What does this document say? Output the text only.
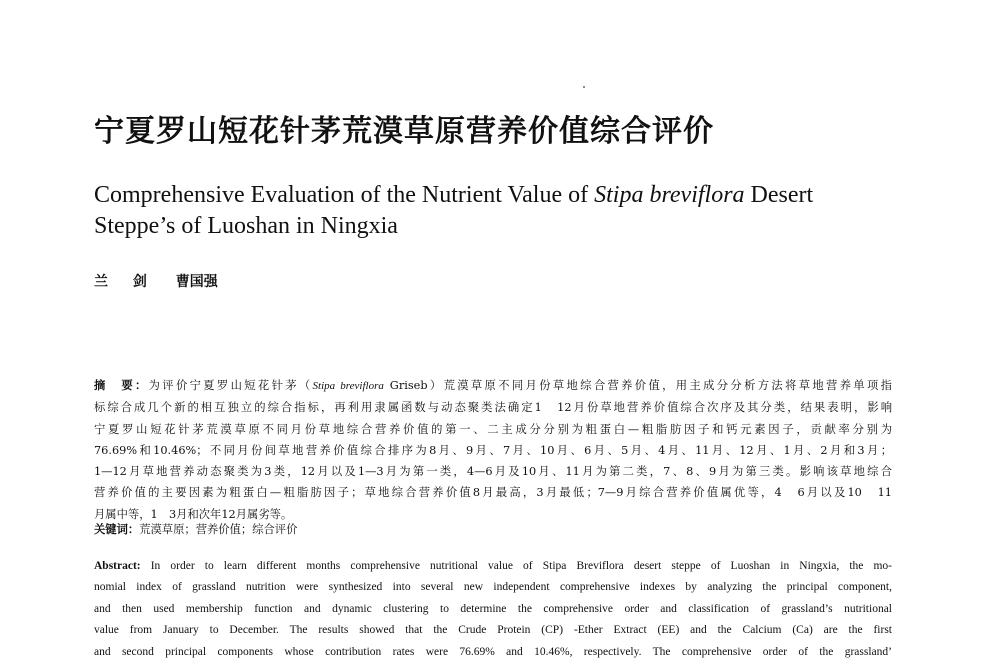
宁夏罗山短花针茅荒漠草原营养价值综合评价
Comprehensive Evaluation of the Nutrient Value of Stipa breviflora Desert
Steppe’s of Luoshan in Ningxia
兰 剑 曹国强
摘　要：为评价宁夏罗山短花针茅（Stipa breviflora Griseb）荒漠草原不同月份草地综合营养价值，用主成分分析方法将草地营养单项指
标综合成几个新的相互独立的综合指标，再利用隶属函数与动态聚类法确定1　12月份草地营养价值综合次序及其分类，结果表明，影响
宁夏罗山短花针茅荒漠草原不同月份草地综合营养价值的第一、二主成分分别为粗蛋白—粗脂肪因子和钙元素因子，贡献率分别为
76.69%和10.46%；不同月份间草地营养价值综合排序为8月、9月、7月、10月、6月、5月、4月、11月、12月、1月、2月和3月；
1—12月草地营养动态聚类为3类，12月以及1—3月为第一类，4—6月及10月、11月为第二类，7、8、9月为第三类。影响该草地综合
营养价值的主要因素为粗蛋白—粗脂肪因子；草地综合营养价值8月最高，3月最低；7—9月综合营养价值属优等，4　6月以及10　11
月属中等，1　3月和次年12月属劣等。
关键词：荒漠草原；营养价值；综合评价
Abstract: In order to learn different months comprehensive nutritional value of Stipa Breviflora desert steppe of Luoshan in Ningxia, the mo-
nomial index of grassland nutrition were synthesized into several new independent comprehensive indexes by analyzing the principal component,
and then used membership function and dynamic clustering to determine the comprehensive order and classification of grassland’s nutritional
value from January to December. The results showed that the Crude Protein (CP) -Ether Extract (EE) and the Calcium (Ca) are the first
and second principal components whose contribution rates were 76.69% and 10.46%, respectively. The comprehensive order of the grassland’
